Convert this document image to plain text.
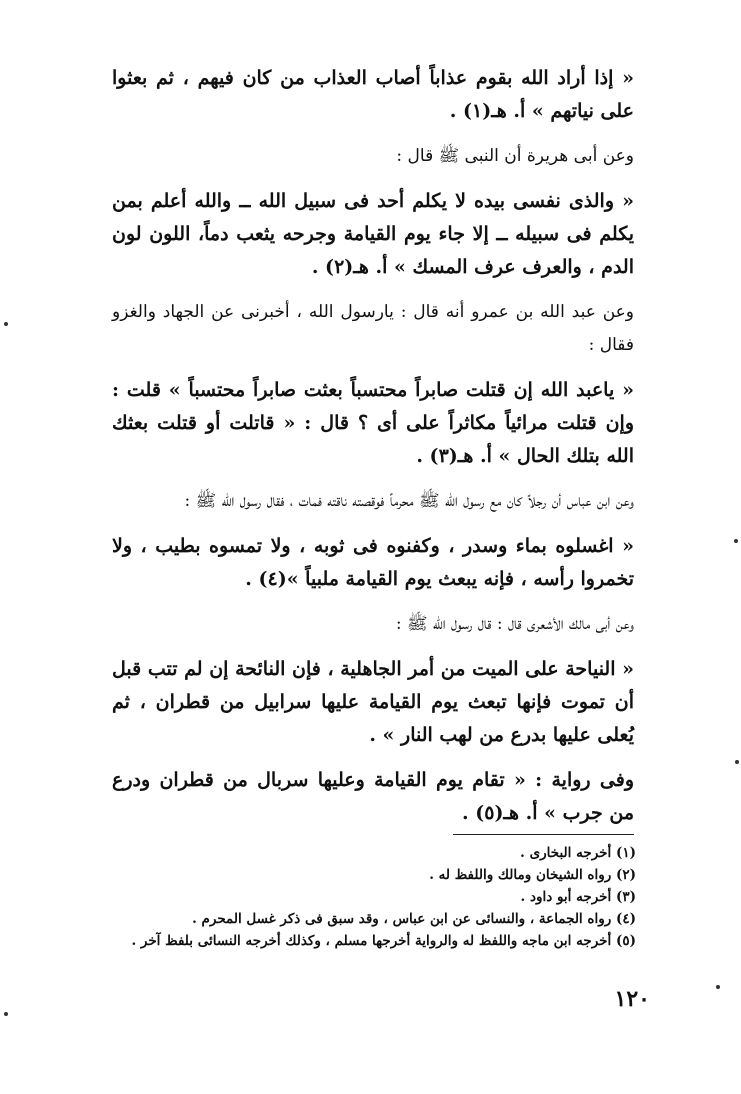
« إذا أراد الله بقوم عذاباً أصاب العذاب من كان فيهم ، ثم بعثوا على نياتهم » أ. هـ(١) .

وعن أبى هريرة أن النبى ﷺ قال :

« والذى نفسى بيده لا يكلم أحد فى سبيل الله ــ والله أعلم بمن يكلم فى سبيله ــ إلا جاء يوم القيامة وجرحه يثعب دماً، اللون لون الدم ، والعرف عرف المسك » أ. هـ(٢) .

وعن عبد الله بن عمرو أنه قال : يارسول الله ، أخبرنى عن الجهاد والغزو فقال :

« ياعبد الله إن قتلت صابراً محتسباً بعثت صابراً محتسباً » قلت : وإن قتلت مرائياً مكاثراً على أى ؟ قال : « قاتلت أو قتلت بعثك الله بتلك الحال » أ. هـ(٣) .

وعن ابن عباس أن رجلاً كان مع رسول الله ﷺ محرماً فوقصته ناقته فمات ، فقال رسول الله ﷺ :

« اغسلوه بماء وسدر ، وكفنوه فى ثوبه ، ولا تمسوه بطيب ، ولا تخمروا رأسه ، فإنه يبعث يوم القيامة ملبياً »(٤) .

وعن أبى مالك الأشعرى قال : قال رسول الله ﷺ :

« النياحة على الميت من أمر الجاهلية ، فإن النائحة إن لم تتب قبل أن تموت فإنها تبعث يوم القيامة عليها سرابيل من قطران ، ثم يُعلى عليها بدرع من لهب النار » .

وفى رواية : « تقام يوم القيامة وعليها سربال من قطران ودرع من جرب » أ. هـ(٥) .

(١) أخرجه البخارى .

(٢) رواه الشيخان ومالك واللفظ له .

(٣) أخرجه أبو داود .

(٤) رواه الجماعة ، والنسائى عن ابن عباس ، وقد سبق فى ذكر غسل المحرم .

(٥) أخرجه ابن ماجه واللفظ له والرواية أخرجها مسلم ، وكذلك أخرجه النسائى بلفظ آخر .

١٢٠
